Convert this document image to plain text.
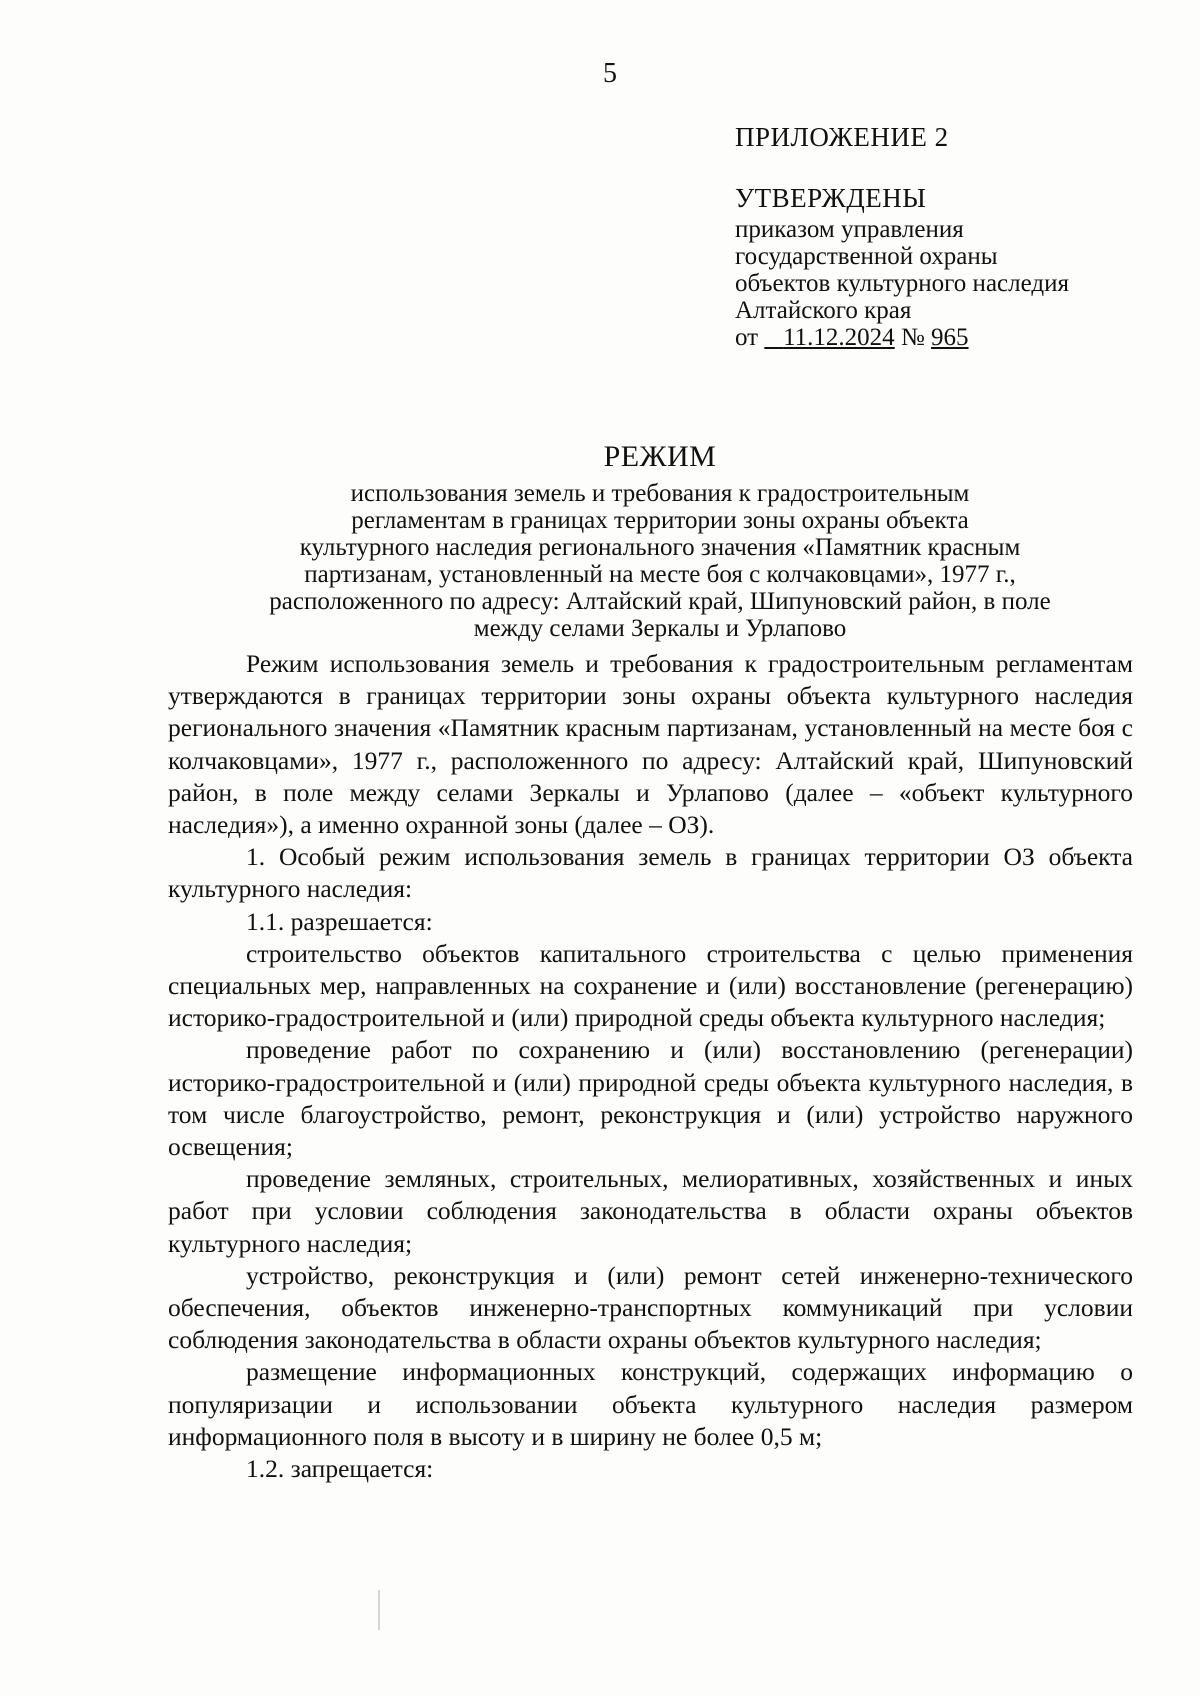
5
ПРИЛОЖЕНИЕ 2
УТВЕРЖДЕНЫ
приказом управления
государственной охраны
объектов культурного наследия
Алтайского края
от 11.12.2024 № 965
РЕЖИМ
использования земель и требования к градостроительным
регламентам в границах территории зоны охраны объекта
культурного наследия регионального значения «Памятник красным
партизанам, установленный на месте боя с колчаковцами», 1977 г.,
расположенного по адресу: Алтайский край, Шипуновский район, в поле
между селами Зеркалы и Урлапово

Режим использования земель и требования к градостроительным регламентам утверждаются в границах территории зоны охраны объекта культурного наследия регионального значения «Памятник красным партизанам, установленный на месте боя с колчаковцами», 1977 г., расположенного по адресу: Алтайский край, Шипуновский район, в поле между селами Зеркалы и Урлапово (далее – «объект культурного наследия»), а именно охранной зоны (далее – ОЗ).

1. Особый режим использования земель в границах территории ОЗ объекта культурного наследия:

1.1. разрешается:

строительство объектов капитального строительства с целью применения специальных мер, направленных на сохранение и (или) восстановление (регенерацию) историко-градостроительной и (или) природной среды объекта культурного наследия;

проведение работ по сохранению и (или) восстановлению (регенерации) историко-градостроительной и (или) природной среды объекта культурного наследия, в том числе благоустройство, ремонт, реконструкция и (или) устройство наружного освещения;

проведение земляных, строительных, мелиоративных, хозяйственных и иных работ при условии соблюдения законодательства в области охраны объектов культурного наследия;

устройство, реконструкция и (или) ремонт сетей инженерно-технического обеспечения, объектов инженерно-транспортных коммуникаций при условии соблюдения законодательства в области охраны объектов культурного наследия;

размещение информационных конструкций, содержащих информацию о популяризации и использовании объекта культурного наследия размером информационного поля в высоту и в ширину не более 0,5 м;

1.2. запрещается:
